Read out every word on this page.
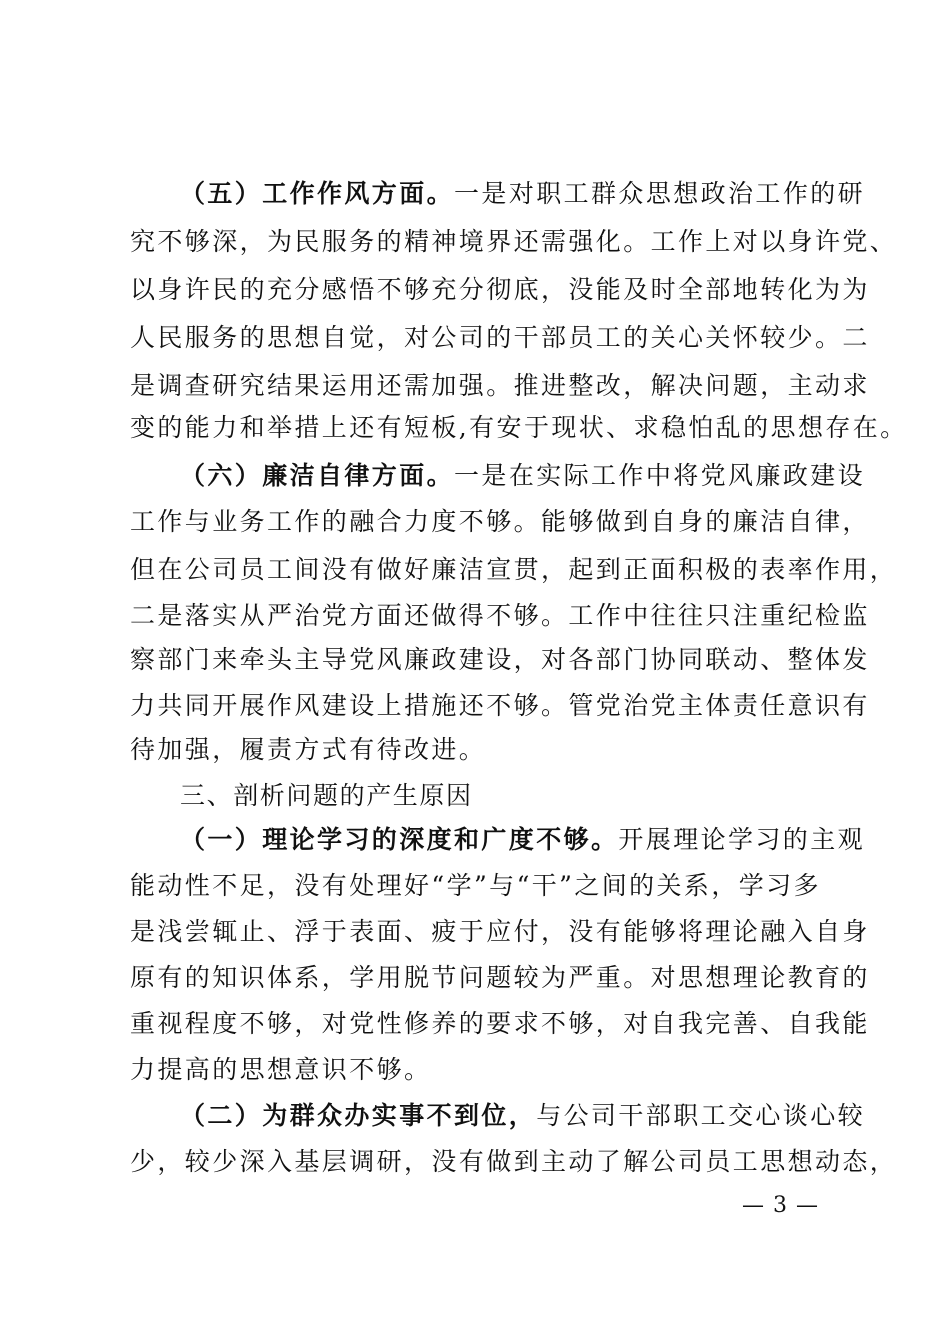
（五）工作作风方面。一是对职工群众思想政治工作的研
究不够深，为民服务的精神境界还需强化。工作上对以身许党、
以身许民的充分感悟不够充分彻底，没能及时全部地转化为为
人民服务的思想自觉，对公司的干部员工的关心关怀较少。二
是调查研究结果运用还需加强。推进整改，解决问题，主动求
变的能力和举措上还有短板,有安于现状、求稳怕乱的思想存在。
（六）廉洁自律方面。一是在实际工作中将党风廉政建设
工作与业务工作的融合力度不够。能够做到自身的廉洁自律，
但在公司员工间没有做好廉洁宣贯，起到正面积极的表率作用，
二是落实从严治党方面还做得不够。工作中往往只注重纪检监
察部门来牵头主导党风廉政建设，对各部门协同联动、整体发
力共同开展作风建设上措施还不够。管党治党主体责任意识有
待加强，履责方式有待改进。
三、剖析问题的产生原因
（一）理论学习的深度和广度不够。开展理论学习的主观
能动性不足，没有处理好“学”与“干”之间的关系，学习多
是浅尝辄止、浮于表面、疲于应付，没有能够将理论融入自身
原有的知识体系，学用脱节问题较为严重。对思想理论教育的
重视程度不够，对党性修养的要求不够，对自我完善、自我能
力提高的思想意识不够。
（二）为群众办实事不到位，与公司干部职工交心谈心较
少，较少深入基层调研，没有做到主动了解公司员工思想动态，
— 3 —
